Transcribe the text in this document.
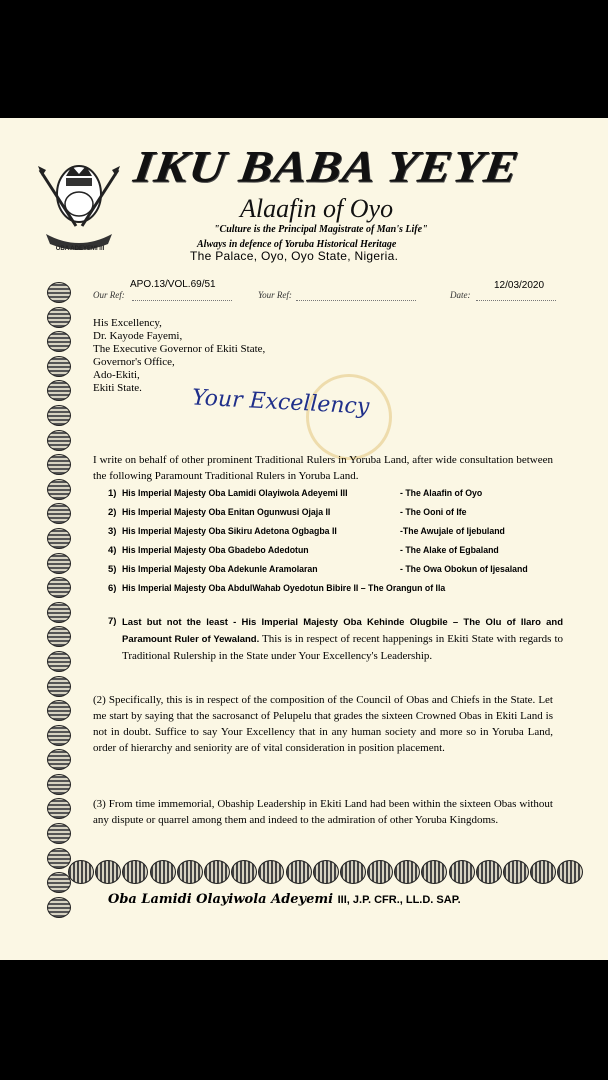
OBA ADEYEMI III
IKU BABA YEYE
Alaafin of Oyo
"Culture is the Principal Magistrate of Man's Life"
Always in defence of Yoruba Historical Heritage
The Palace, Oyo, Oyo State, Nigeria.
APO.13/VOL.69/51	12/03/2020
Our Ref:	Your Ref:	Date:
His Excellency,
Dr. Kayode Fayemi,
The Executive Governor of Ekiti State,
Governor's Office,
Ado-Ekiti,
Ekiti State.	Your Excellency
I write on behalf of other prominent Traditional Rulers in Yoruba Land, after wide consultation between the following Paramount Traditional Rulers in Yoruba Land.
1) His Imperial Majesty Oba Lamidi Olayiwola Adeyemi III	- The Alaafin of Oyo
2) His Imperial Majesty Oba Enitan Ogunwusi Ojaja II	- The Ooni of Ife
3) His Imperial Majesty Oba Sikiru Adetona Ogbagba II	-The Awujale of Ijebuland
4) His Imperial Majesty Oba Gbadebo Adedotun	- The Alake of Egbaland
5) His Imperial Majesty Oba Adekunle Aramolaran	- The Owa Obokun of Ijesaland
6) His Imperial Majesty Oba AbdulWahab Oyedotun Bibire II – The Orangun of Ila
7) Last but not the least - His Imperial Majesty Oba Kehinde Olugbile – The Olu of Ilaro and Paramount Ruler of Yewaland. This is in respect of recent happenings in Ekiti State with regards to Traditional Rulership in the State under Your Excellency's Leadership.
(2) Specifically, this is in respect of the composition of the Council of Obas and Chiefs in the State. Let me start by saying that the sacrosanct of Pelupelu that grades the sixteen Crowned Obas in Ekiti Land is not in doubt. Suffice to say Your Excellency that in any human society and more so in Yoruba Land, order of hierarchy and seniority are of vital consideration in position placement.
(3) From time immemorial, Obaship Leadership in Ekiti Land had been within the sixteen Obas without any dispute or quarrel among them and indeed to the admiration of other Yoruba Kingdoms.
Oba Lamidi Olayiwola Adeyemi III, J.P. CFR., LL.D. SAP.
